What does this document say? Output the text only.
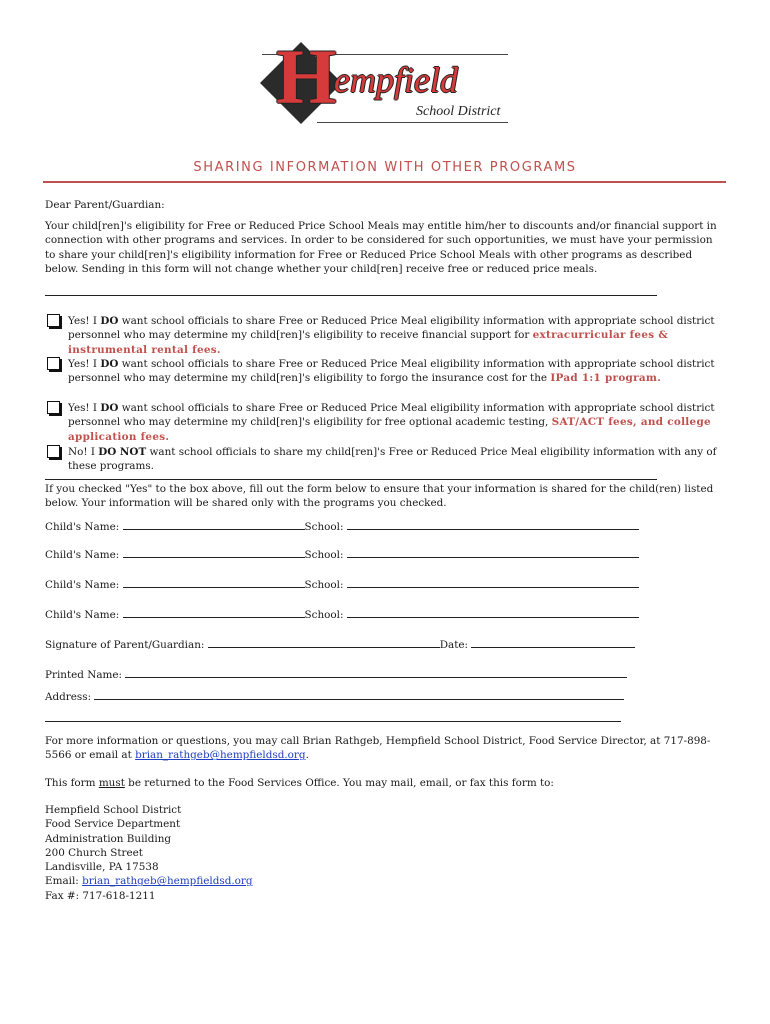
H
empfield
School District
SHARING INFORMATION WITH OTHER PROGRAMS
Dear Parent/Guardian:
Your child[ren]'s eligibility for Free or Reduced Price School Meals may entitle him/her to discounts and/or financial support in connection with other programs and services. In order to be considered for such opportunities, we must have your permission to share your child[ren]'s eligibility information for Free or Reduced Price School Meals with other programs as described below. Sending in this form will not change whether your child[ren] receive free or reduced price meals.
Yes! I DO want school officials to share Free or Reduced Price Meal eligibility information with appropriate school district personnel who may determine my child[ren]'s eligibility to receive financial support for extracurricular fees & instrumental rental fees.
Yes! I DO want school officials to share Free or Reduced Price Meal eligibility information with appropriate school district personnel who may determine my child[ren]'s eligibility to forgo the insurance cost for the IPad 1:1 program.
Yes! I DO want school officials to share Free or Reduced Price Meal eligibility information with appropriate school district personnel who may determine my child[ren]'s eligibility for free optional academic testing, SAT/ACT fees, and college application fees.
No! I DO NOT want school officials to share my child[ren]'s Free or Reduced Price Meal eligibility information with any of these programs.
If you checked "Yes" to the box above, fill out the form below to ensure that your information is shared for the child(ren) listed below. Your information will be shared only with the programs you checked.
Child's Name:	School:
Child's Name:	School:
Child's Name:	School:
Child's Name:	School:
Signature of Parent/Guardian:	Date:
Printed Name:
Address:
For more information or questions, you may call Brian Rathgeb, Hempfield School District, Food Service Director, at 717-898-5566 or email at brian_rathgeb@hempfieldsd.org.
This form must be returned to the Food Services Office. You may mail, email, or fax this form to:
Hempfield School District
Food Service Department
Administration Building
200 Church Street
Landisville, PA 17538
Email: brian_rathgeb@hempfieldsd.org
Fax #: 717-618-1211
